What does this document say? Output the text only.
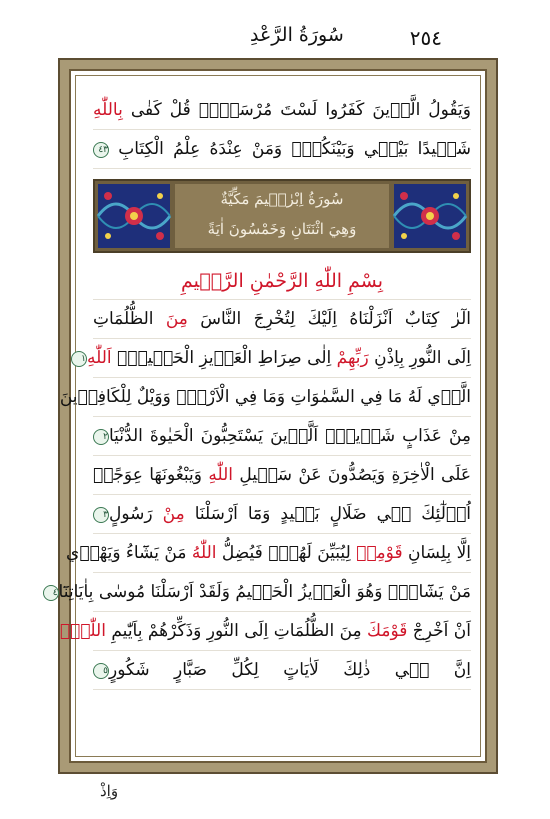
٢٥٤
سُورَةُ الرَّعْدِ
وَيَقُولُ الَّذ۪ينَ كَفَرُوا لَسْتَ مُرْسَلًاۜ قُلْ كَفٰى بِاللّٰهِ
شَه۪يدًا بَيْن۪ي وَبَيْنَكُمْۙ وَمَنْ عِنْدَهُ عِلْمُ الْكِتَابِ ٤٣
سُورَةُ اِبْرٰه۪يمَ مَكِّيَّةٌ
وَهِيَ اثْنَتَانِ وَخَمْسُونَ اٰيَةً
بِسْمِ اللّٰهِ الرَّحْمٰنِ الرَّح۪يمِ
الٓرٰ كِتَابٌ اَنْزَلْنَاهُ اِلَيْكَ لِتُخْرِجَ النَّاسَ مِنَ الظُّلُمَاتِ
اِلَى النُّورِ بِاِذْنِ رَبِّهِمْ اِلٰى صِرَاطِ الْعَز۪يزِ الْحَم۪يدِۙ اَللّٰهِ١
الَّذ۪ي لَهُ مَا فِي السَّمٰوَاتِ وَمَا فِي الْاَرْضِۜ وَوَيْلٌ لِلْكَافِر۪ينَ
مِنْ عَذَابٍ شَد۪يدٍۙ اَلَّذ۪ينَ يَسْتَحِبُّونَ الْحَيٰوةَ الدُّنْيَا٢
عَلَى الْاٰخِرَةِ وَيَصُدُّونَ عَنْ سَب۪يلِ اللّٰهِ وَيَبْغُونَهَا عِوَجًاۜ
اُو۬لٰٓئِكَ ف۪ي ضَلَالٍ بَع۪يدٍ وَمَٓا اَرْسَلْنَا مِنْ رَسُولٍ٣
اِلَّا بِلِسَانِ قَوْمِه۪ لِيُبَيِّنَ لَهُمْۜ فَيُضِلُّ اللّٰهُ مَنْ يَشَٓاءُ وَيَهْد۪ي
مَنْ يَشَٓاءُۜ وَهُوَ الْعَز۪يزُ الْحَك۪يمُ وَلَقَدْ اَرْسَلْنَا مُوسٰى بِاٰيَاتِنَٓا٤
اَنْ اَخْرِجْ قَوْمَكَ مِنَ الظُّلُمَاتِ اِلَى النُّورِ وَذَكِّرْهُمْ بِاَيّٰيمِ اللّٰهِۜ
اِنَّ ف۪ي ذٰلِكَ لَاٰيَاتٍ لِكُلِّ صَبَّارٍ شَكُورٍ٥
وَاِذْ
